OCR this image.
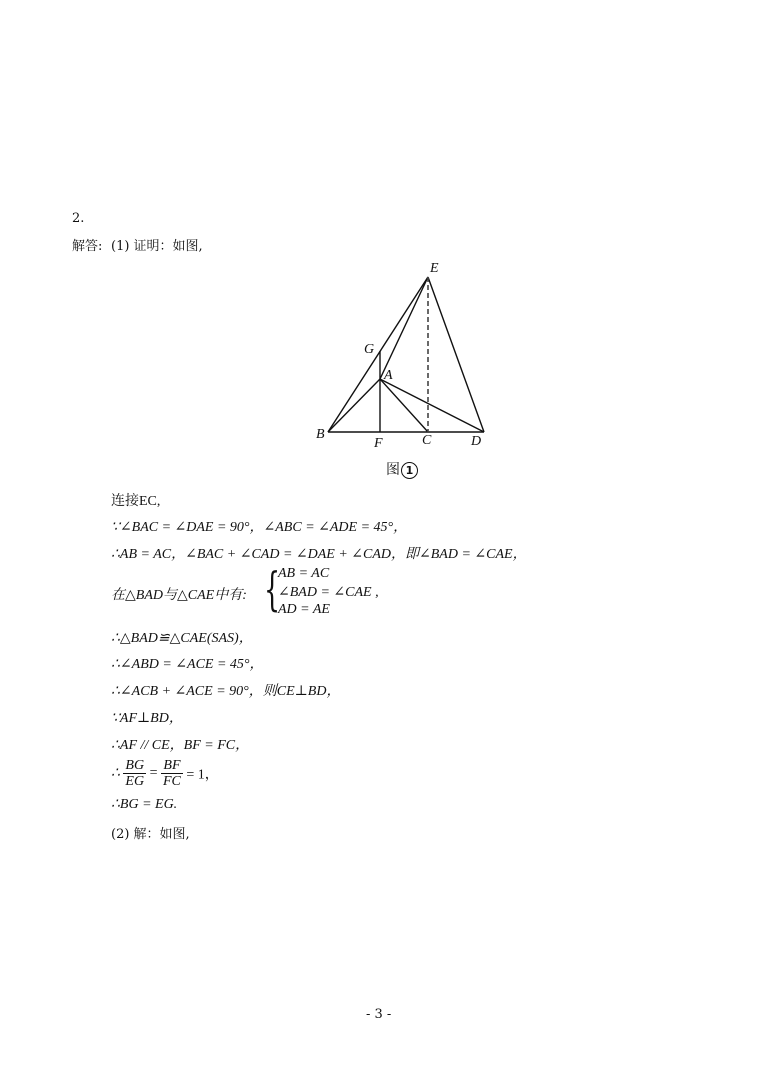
2.
解答: (1) 证明：如图,
E
G
A
B
F	C	D
图 1
连接EC,
∵∠BAC = ∠DAE = 90°，∠ABC = ∠ADE = 45°，
∴AB = AC，∠BAC + ∠CAD = ∠DAE + ∠CAD，即∠BAD = ∠CAE，
在△BAD与△CAE中有: {
AB = AC
∠BAD = ∠CAE ,
AD = AE
∴△BAD≌△CAE(SAS)，
∴∠ABD = ∠ACE = 45°，
∴∠ACB + ∠ACE = 90°，则CE⊥BD，
∵AF⊥BD，
∴AF // CE，BF = FC，
∴ $\frac{BG}{EG} = \frac{BF}{FC} = 1$，
∴BG = EG.
(2) 解：如图,
- 3 -
